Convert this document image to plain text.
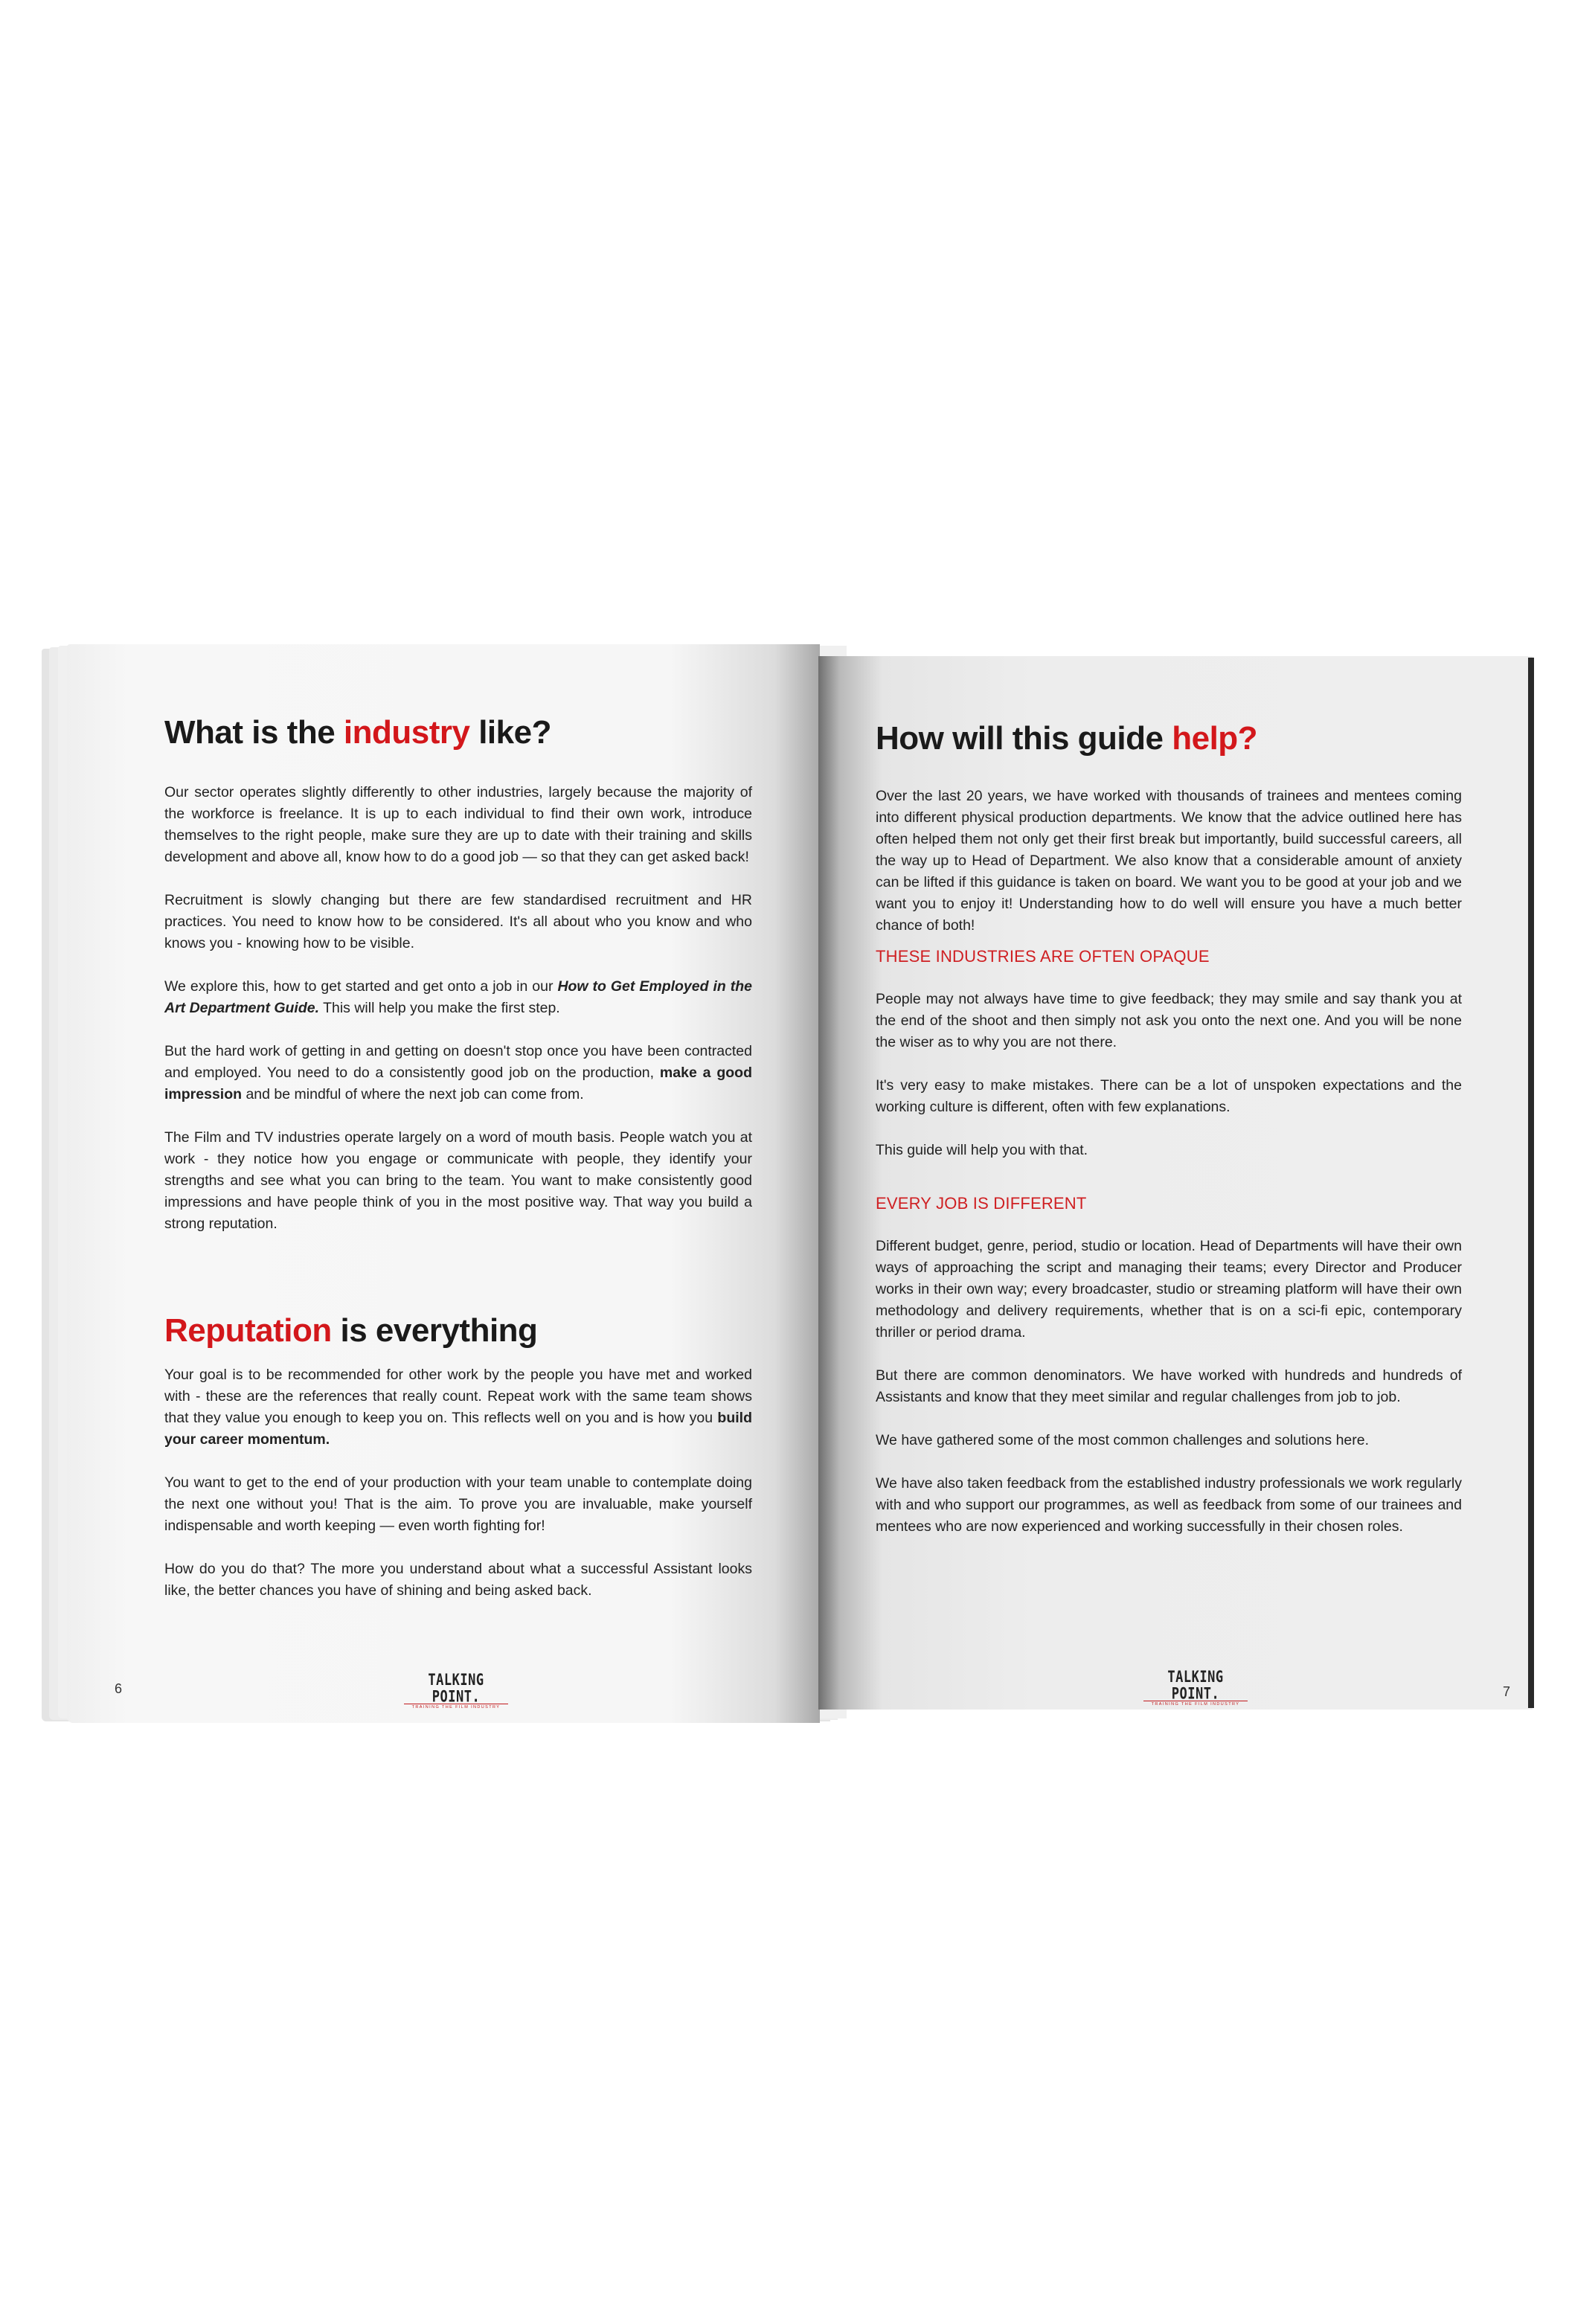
What is the industry like?

Our sector operates slightly differently to other industries, largely because the majority of the workforce is freelance. It is up to each individual to find their own work, introduce themselves to the right people, make sure they are up to date with their training and skills development and above all, know how to do a good job — so that they can get asked back!

Recruitment is slowly changing but there are few standardised recruitment and HR practices. You need to know how to be considered. It's all about who you know and who knows you - knowing how to be visible.

We explore this, how to get started and get onto a job in our How to Get Employed in the Art Department Guide. This will help you make the first step.

But the hard work of getting in and getting on doesn't stop once you have been contracted and employed. You need to do a consistently good job on the production, make a good impression and be mindful of where the next job can come from.

The Film and TV industries operate largely on a word of mouth basis. People watch you at work - they notice how you engage or communicate with people, they identify your strengths and see what you can bring to the team. You want to make consistently good impressions and have people think of you in the most positive way. That way you build a strong reputation.

Reputation is everything

Your goal is to be recommended for other work by the people you have met and worked with - these are the references that really count. Repeat work with the same team shows that they value you enough to keep you on. This reflects well on you and is how you build your career momentum.

You want to get to the end of your production with your team unable to contemplate doing the next one without you! That is the aim. To prove you are invaluable, make yourself indispensable and worth keeping — even worth fighting for!

How do you do that? The more you understand about what a successful Assistant looks like, the better chances you have of shining and being asked back.

6	TALKING POINT.
TRAINING THE FILM INDUSTRY
How will this guide help?

Over the last 20 years, we have worked with thousands of trainees and mentees coming into different physical production departments. We know that the advice outlined here has often helped them not only get their first break but importantly, build successful careers, all the way up to Head of Department. We also know that a considerable amount of anxiety can be lifted if this guidance is taken on board. We want you to be good at your job and we want you to enjoy it! Understanding how to do well will ensure you have a much better chance of both!

THESE INDUSTRIES ARE OFTEN OPAQUE

People may not always have time to give feedback; they may smile and say thank you at the end of the shoot and then simply not ask you onto the next one. And you will be none the wiser as to why you are not there.

It's very easy to make mistakes. There can be a lot of unspoken expectations and the working culture is different, often with few explanations.

This guide will help you with that.

EVERY JOB IS DIFFERENT

Different budget, genre, period, studio or location. Head of Departments will have their own ways of approaching the script and managing their teams; every Director and Producer works in their own way; every broadcaster, studio or streaming platform will have their own methodology and delivery requirements, whether that is on a sci-fi epic, contemporary thriller or period drama.

But there are common denominators. We have worked with hundreds and hundreds of Assistants and know that they meet similar and regular challenges from job to job.

We have gathered some of the most common challenges and solutions here.

We have also taken feedback from the established industry professionals we work regularly with and who support our programmes, as well as feedback from some of our trainees and mentees who are now experienced and working successfully in their chosen roles.

TALKING POINT.
TRAINING THE FILM INDUSTRY
7
